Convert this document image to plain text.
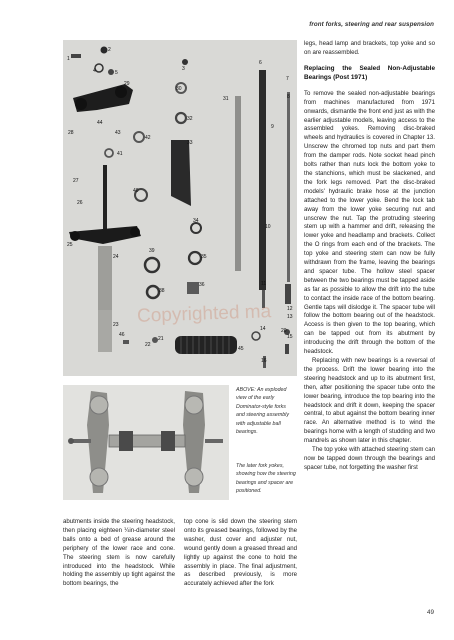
front forks, steering and rear suspension
1
2
3
4	5
6
7
8
29
30
31
32
33
34
35
36
38
39
40
41
42
43
44
45
46
28
27
26
25
24
23
22
21
10
11
12
13
14
15
16
20
9
Copyrighted ma
ABOVE: An exploded view of the early Dominator-style forks and steering assembly with adjustable ball bearings.
The later fork yokes, showing how the steering bearings and spacer are positioned.

legs, head lamp and brackets, top yoke and so on are reassembled.

Replacing the Sealed Non-Adjustable Bearings (Post 1971)

To remove the sealed non-adjustable bearings from machines manufactured from 1971 onwards, dismantle the front end just as with the earlier adjustable models, leaving access to the assembled yokes. Removing disc-braked wheels and hydraulics is covered in Chapter 13. Unscrew the chromed top nuts and part them from the damper rods. Note socket head pinch bolts rather than nuts lock the bottom yoke to the stanchions, which must be slackened, and the fork legs removed. Part the disc-braked models' hydraulic brake hose at the junction attached to the lower yoke. Bend the lock tab away from the lower yoke securing nut and unscrew the nut. Tap the protruding steering stem up with a hammer and drift, releasing the lower yoke and headlamp and brackets. Collect the O rings from each end of the brackets. The top yoke and steering stem can now be fully withdrawn from the frame, leaving the bearings and spacer tube. The hollow steel spacer between the two bearings must be tapped aside as far as possible to allow the drift into the tube to contact the inside race of the bottom bearing. Gentle taps will dislodge it. The spacer tube will follow the bottom bearing out of the headstock. Access is then given to the top bearing, which can be tapped out from its abutment by introducing the drift through the bottom of the headstock.

Replacing with new bearings is a reversal of the process. Drift the lower bearing into the steering headstock and up to its abutment first, then, after positioning the spacer tube onto the lower bearing, introduce the top bearing into the headstock and drift it down, keeping the spacer central, to abut against the bottom bearing inner race. An alternative method is to wind the bearings home with a length of studding and two mandrels as shown later in this chapter.

The top yoke with attached steering stem can now be tapped down through the bearings and spacer tube, not forgetting the washer first

abutments inside the steering headstock, then placing eighteen ¼in-diameter steel balls onto a bed of grease around the periphery of the lower race and cone. The steering stem is now carefully introduced into the headstock. While holding the assembly up tight against the bottom bearings, the

top cone is slid down the steering stem onto its greased bearings, followed by the washer, dust cover and adjuster nut, wound gently down a greased thread and lightly up against the cone to hold the assembly in place. The final adjustment, as described previously, is more accurately achieved after the fork

49
